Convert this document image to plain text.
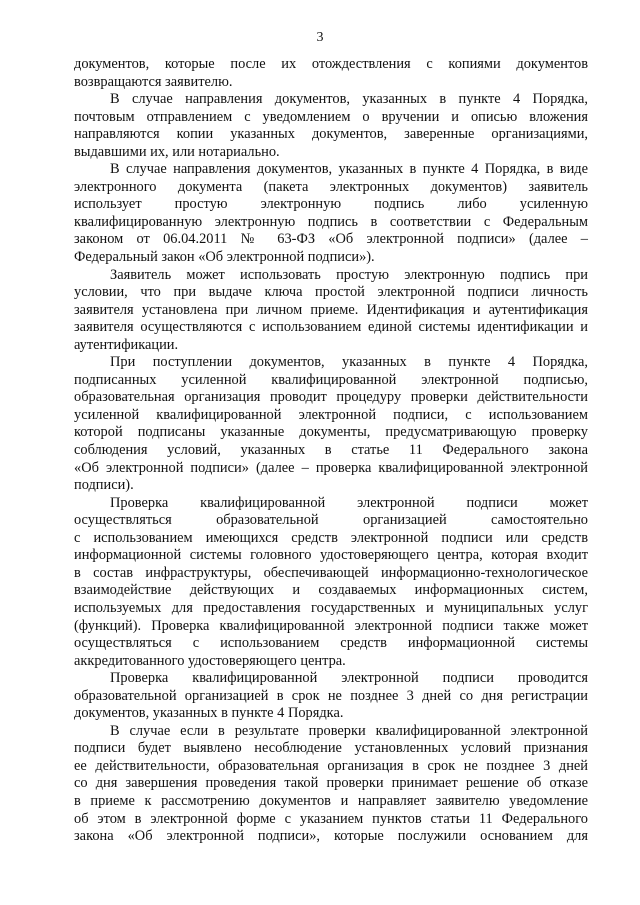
3
документов, которые после их отождествления с копиями документов
возвращаются заявителю.
В случае направления документов, указанных в пункте 4 Порядка,
почтовым отправлением с уведомлением о вручении и описью вложения
направляются копии указанных документов, заверенные организациями,
выдавшими их, или нотариально.
В случае направления документов, указанных в пункте 4 Порядка, в виде
электронного документа (пакета электронных документов) заявитель
использует простую электронную подпись либо усиленную
квалифицированную электронную подпись в соответствии с Федеральным
законом от 06.04.2011 № 63-ФЗ «Об электронной подписи» (далее –
Федеральный закон «Об электронной подписи»).
Заявитель может использовать простую электронную подпись при
условии, что при выдаче ключа простой электронной подписи личность
заявителя установлена при личном приеме. Идентификация и аутентификация
заявителя осуществляются с использованием единой системы идентификации и
аутентификации.
При поступлении документов, указанных в пункте 4 Порядка,
подписанных усиленной квалифицированной электронной подписью,
образовательная организация проводит процедуру проверки действительности
усиленной квалифицированной электронной подписи, с использованием
которой подписаны указанные документы, предусматривающую проверку
соблюдения условий, указанных в статье 11 Федерального закона
«Об электронной подписи» (далее – проверка квалифицированной электронной
подписи).
Проверка квалифицированной электронной подписи может
осуществляться образовательной организацией самостоятельно
с использованием имеющихся средств электронной подписи или средств
информационной системы головного удостоверяющего центра, которая входит
в состав инфраструктуры, обеспечивающей информационно-технологическое
взаимодействие действующих и создаваемых информационных систем,
используемых для предоставления государственных и муниципальных услуг
(функций). Проверка квалифицированной электронной подписи также может
осуществляться с использованием средств информационной системы
аккредитованного удостоверяющего центра.
Проверка квалифицированной электронной подписи проводится
образовательной организацией в срок не позднее 3 дней со дня регистрации
документов, указанных в пункте 4 Порядка.
В случае если в результате проверки квалифицированной электронной
подписи будет выявлено несоблюдение установленных условий признания
ее действительности, образовательная организация в срок не позднее 3 дней
со дня завершения проведения такой проверки принимает решение об отказе
в приеме к рассмотрению документов и направляет заявителю уведомление
об этом в электронной форме с указанием пунктов статьи 11 Федерального
закона «Об электронной подписи», которые послужили основанием для
